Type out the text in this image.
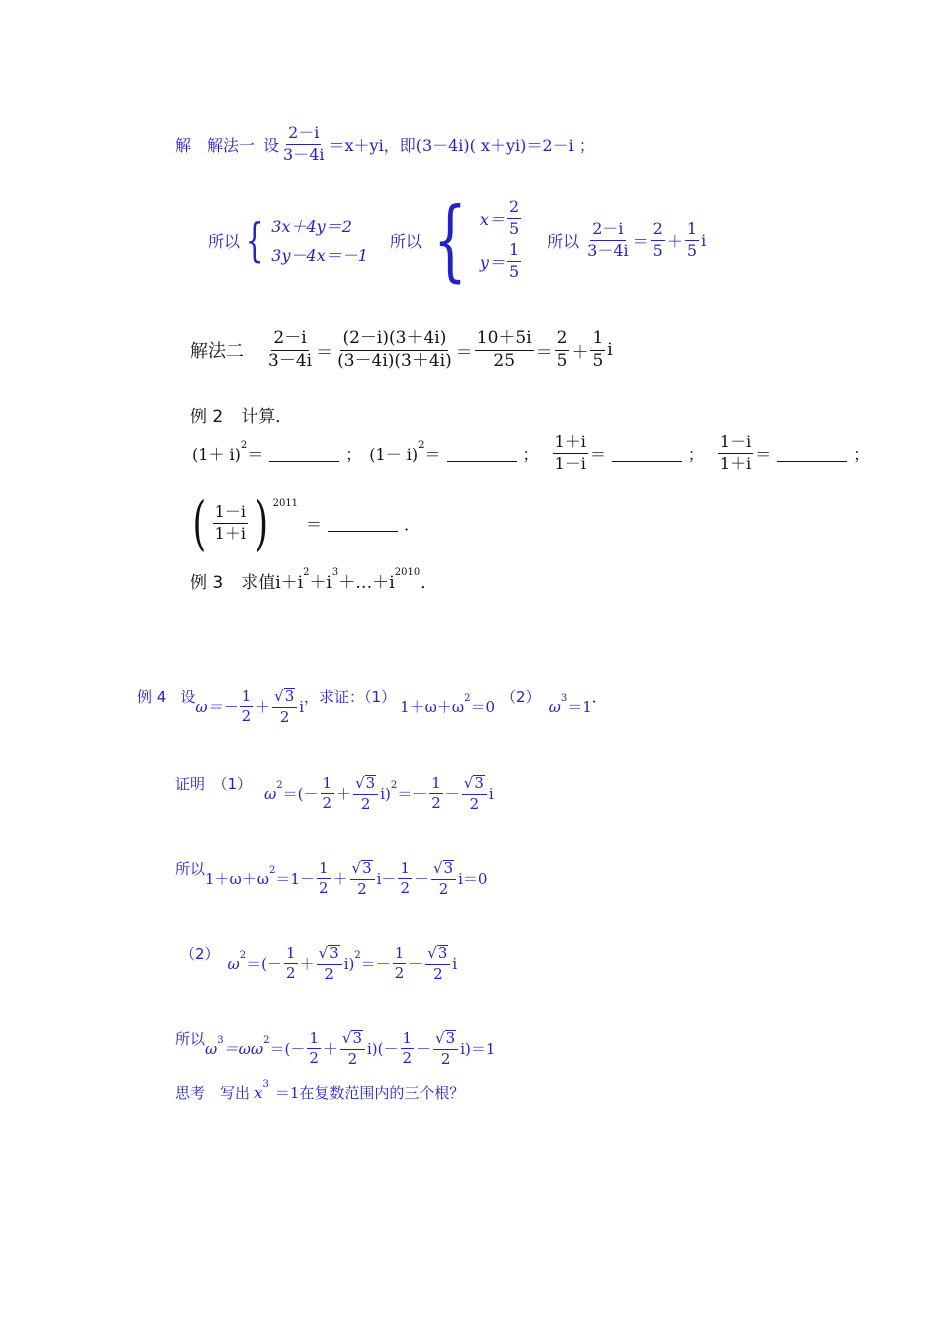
解　解法一 设 $\frac{2-i}{3-4i} =x+yi$，即(3－4i)( x＋yi)＝2－i ；
所以 { 3x＋4y＝2
3y－4x＝－1
所以 { $x= \frac{2}{5}$
$y= \frac{1}{5}$
所以 $\frac{2-i}{3-4i} = \frac{2}{5} + \frac{1}{5}$ i
解法二 $\frac{2-i}{3-4i} = \frac{(2-i)(3+4i)}{(3-4i)(3+4i)} = \frac{10+5i}{25} = \frac{2}{5} + \frac{1}{5}$ i
例 2 计算．
(1＋ i) 2 ＝	； (1－ i) 2 ＝	； $\frac{1+i}{1-i}$ ＝	； $\frac{1-i}{1+i}$ ＝	；
( $\frac{1-i}{1+i}$ ) 2011
＝	．
例 3 求值 i＋i
2
＋i
3
＋…＋i
2010
．
例 4 设
$\omega=- \frac{1}{2} + \frac{√ 3}{2}$ i
，求证：（1）
1＋ω＋ω 2 ＝0
（2）
ω 3 ＝1
．
证明　（1）
ω 2 ＝(－ $\frac{1}{2} + \frac{√ 3}{2} i$) $2 =- \frac{1}{2} - \frac{√ 3}{2}$ i
所以
1＋ω＋ω $2 =1- \frac{1}{2} + \frac{√ 3}{2} i- \frac{1}{2} - \frac{√ 3}{2} i=0$
（2）
ω 2 ＝(－ $\frac{1}{2} + \frac{√ 3}{2} i$) $2 =- \frac{1}{2} - \frac{√ 3}{2}$ i
所以
ω 3 ＝ωω 2 ＝(－ $\frac{1}{2} + \frac{√ 3}{2} i)(- \frac{1}{2} - \frac{√ 3}{2} i)=1$
思考　写出 x 3 ＝1 在复数范围内的三个根？
